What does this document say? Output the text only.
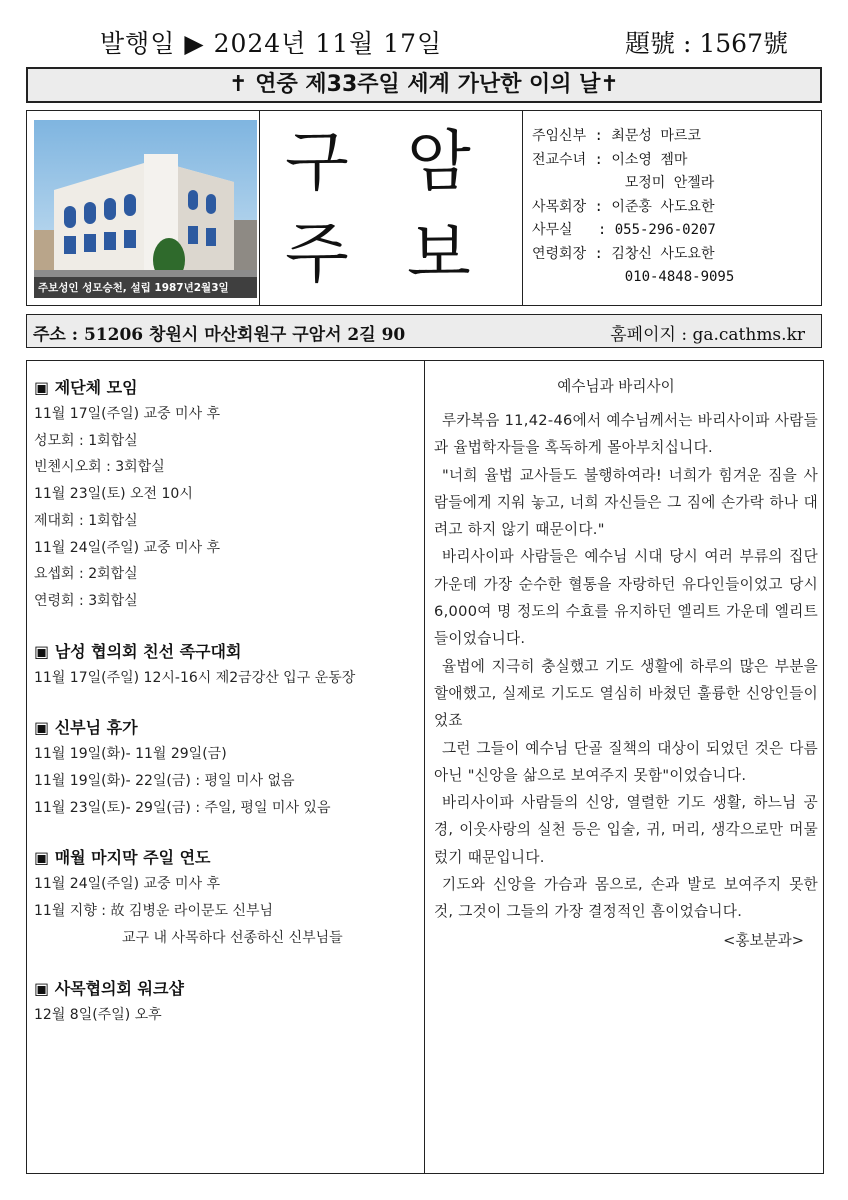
발행일 ▶ 2024년 11월 17일	題號 : 1567號
✝ 연중 제33주일 세계 가난한 이의 날✝
주보성인 성모승천, 설립 1987년2월3일
구 암
주 보
주임신부 : 최문성 마르코
전교수녀 : 이소영 젬마
모정미 안젤라
사목회장 : 이준홍 사도요한
사무실   : 055-296-0207
연령회장 : 김창신 사도요한
010-4848-9095
주소 : 51206 창원시 마산회원구 구암서 2길 90	홈페이지 : ga.cathms.kr
▣ 제단체 모임
11월 17일(주일) 교중 미사 후
성모회 : 1회합실
빈첸시오회 : 3회합실
11월 23일(토) 오전 10시
제대회 : 1회합실
11월 24일(주일) 교중 미사 후
요셉회 : 2회합실
연령회 : 3회합실
▣ 남성 협의회 친선 족구대회
11월 17일(주일) 12시-16시 제2금강산 입구 운동장
▣ 신부님 휴가
11월 19일(화)- 11월 29일(금)
11월 19일(화)- 22일(금) : 평일 미사 없음
11월 23일(토)- 29일(금) : 주일, 평일 미사 있음
▣ 매월 마지막 주일 연도
11월 24일(주일) 교중 미사 후
11월 지향 : 故 김병운 라이문도 신부님
교구 내 사목하다 선종하신 신부님들
▣ 사목협의회 워크샵
12월 8일(주일) 오후
예수님과 바리사이

루카복음 11,42-46에서 예수님께서는 바리사이파 사람들과 율법학자들을 혹독하게 몰아부치십니다.

"너희 율법 교사들도 불행하여라! 너희가 힘겨운 짐을 사람들에게 지워 놓고, 너희 자신들은 그 짐에 손가락 하나 대려고 하지 않기 때문이다."

바리사이파 사람들은 예수님 시대 당시 여러 부류의 집단 가운데 가장 순수한 혈통을 자랑하던 유다인들이었고 당시 6,000여 명 정도의 수효를 유지하던 엘리트 가운데 엘리트들이었습니다.

율법에 지극히 충실했고 기도 생활에 하루의 많은 부분을 할애했고, 실제로 기도도 열심히 바쳤던 훌륭한 신앙인들이었죠

그런 그들이 예수님 단골 질책의 대상이 되었던 것은 다름 아닌 "신앙을 삶으로 보여주지 못함"이었습니다.

바리사이파 사람들의 신앙, 열렬한 기도 생활, 하느님 공경, 이웃사랑의 실천 등은 입술, 귀, 머리, 생각으로만 머물렀기 때문입니다.

기도와 신앙을 가슴과 몸으로, 손과 발로 보여주지 못한 것, 그것이 그들의 가장 결정적인 흠이었습니다.

<홍보분과>
